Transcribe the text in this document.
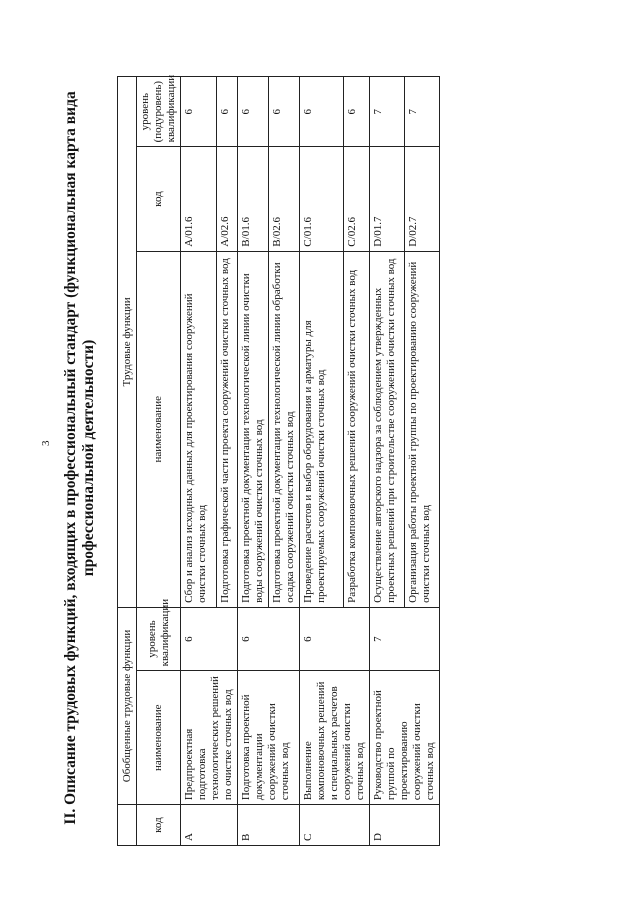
3 II. Описание трудовых функций, входящих в профессиональный стандарт (функциональная карта вида профессиональной деятельности)
	Обобщенные трудовые функции		Трудовые функции		
код	наименование	уровень квалификации	наименование	код	уровень (подуровень) квалификации
A	Предпроектная подготовка технологических решений по очистке сточных вод	6	Сбор и анализ исходных данных для проектирования сооружений очистки сточных вод	A/01.6	6
			Подготовка графической части проекта сооружений очистки сточных вод	A/02.6	6
B	Подготовка проектной документации сооружений очистки сточных вод	6	Подготовка проектной документации технологической линии очистки воды сооружений очистки сточных вод	B/01.6	6
			Подготовка проектной документации технологической линии обработки осадка сооружений очистки сточных вод	B/02.6	6
C	Выполнение компоновочных решений и специальных расчетов сооружений очистки сточных вод	6	Проведение расчетов и выбор оборудования и арматуры для проектируемых сооружений очистки сточных вод	C/01.6	6
			Разработка компоновочных решений сооружений очистки сточных вод	C/02.6	6
D	Руководство проектной группой по проектированию сооружений очистки сточных вод	7	Осуществление авторского надзора за соблюдением утвержденных проектных решений при строительстве сооружений очистки сточных вод	D/01.7	7
			Организация работы проектной группы по проектированию сооружений очистки сточных вод	D/02.7	7
